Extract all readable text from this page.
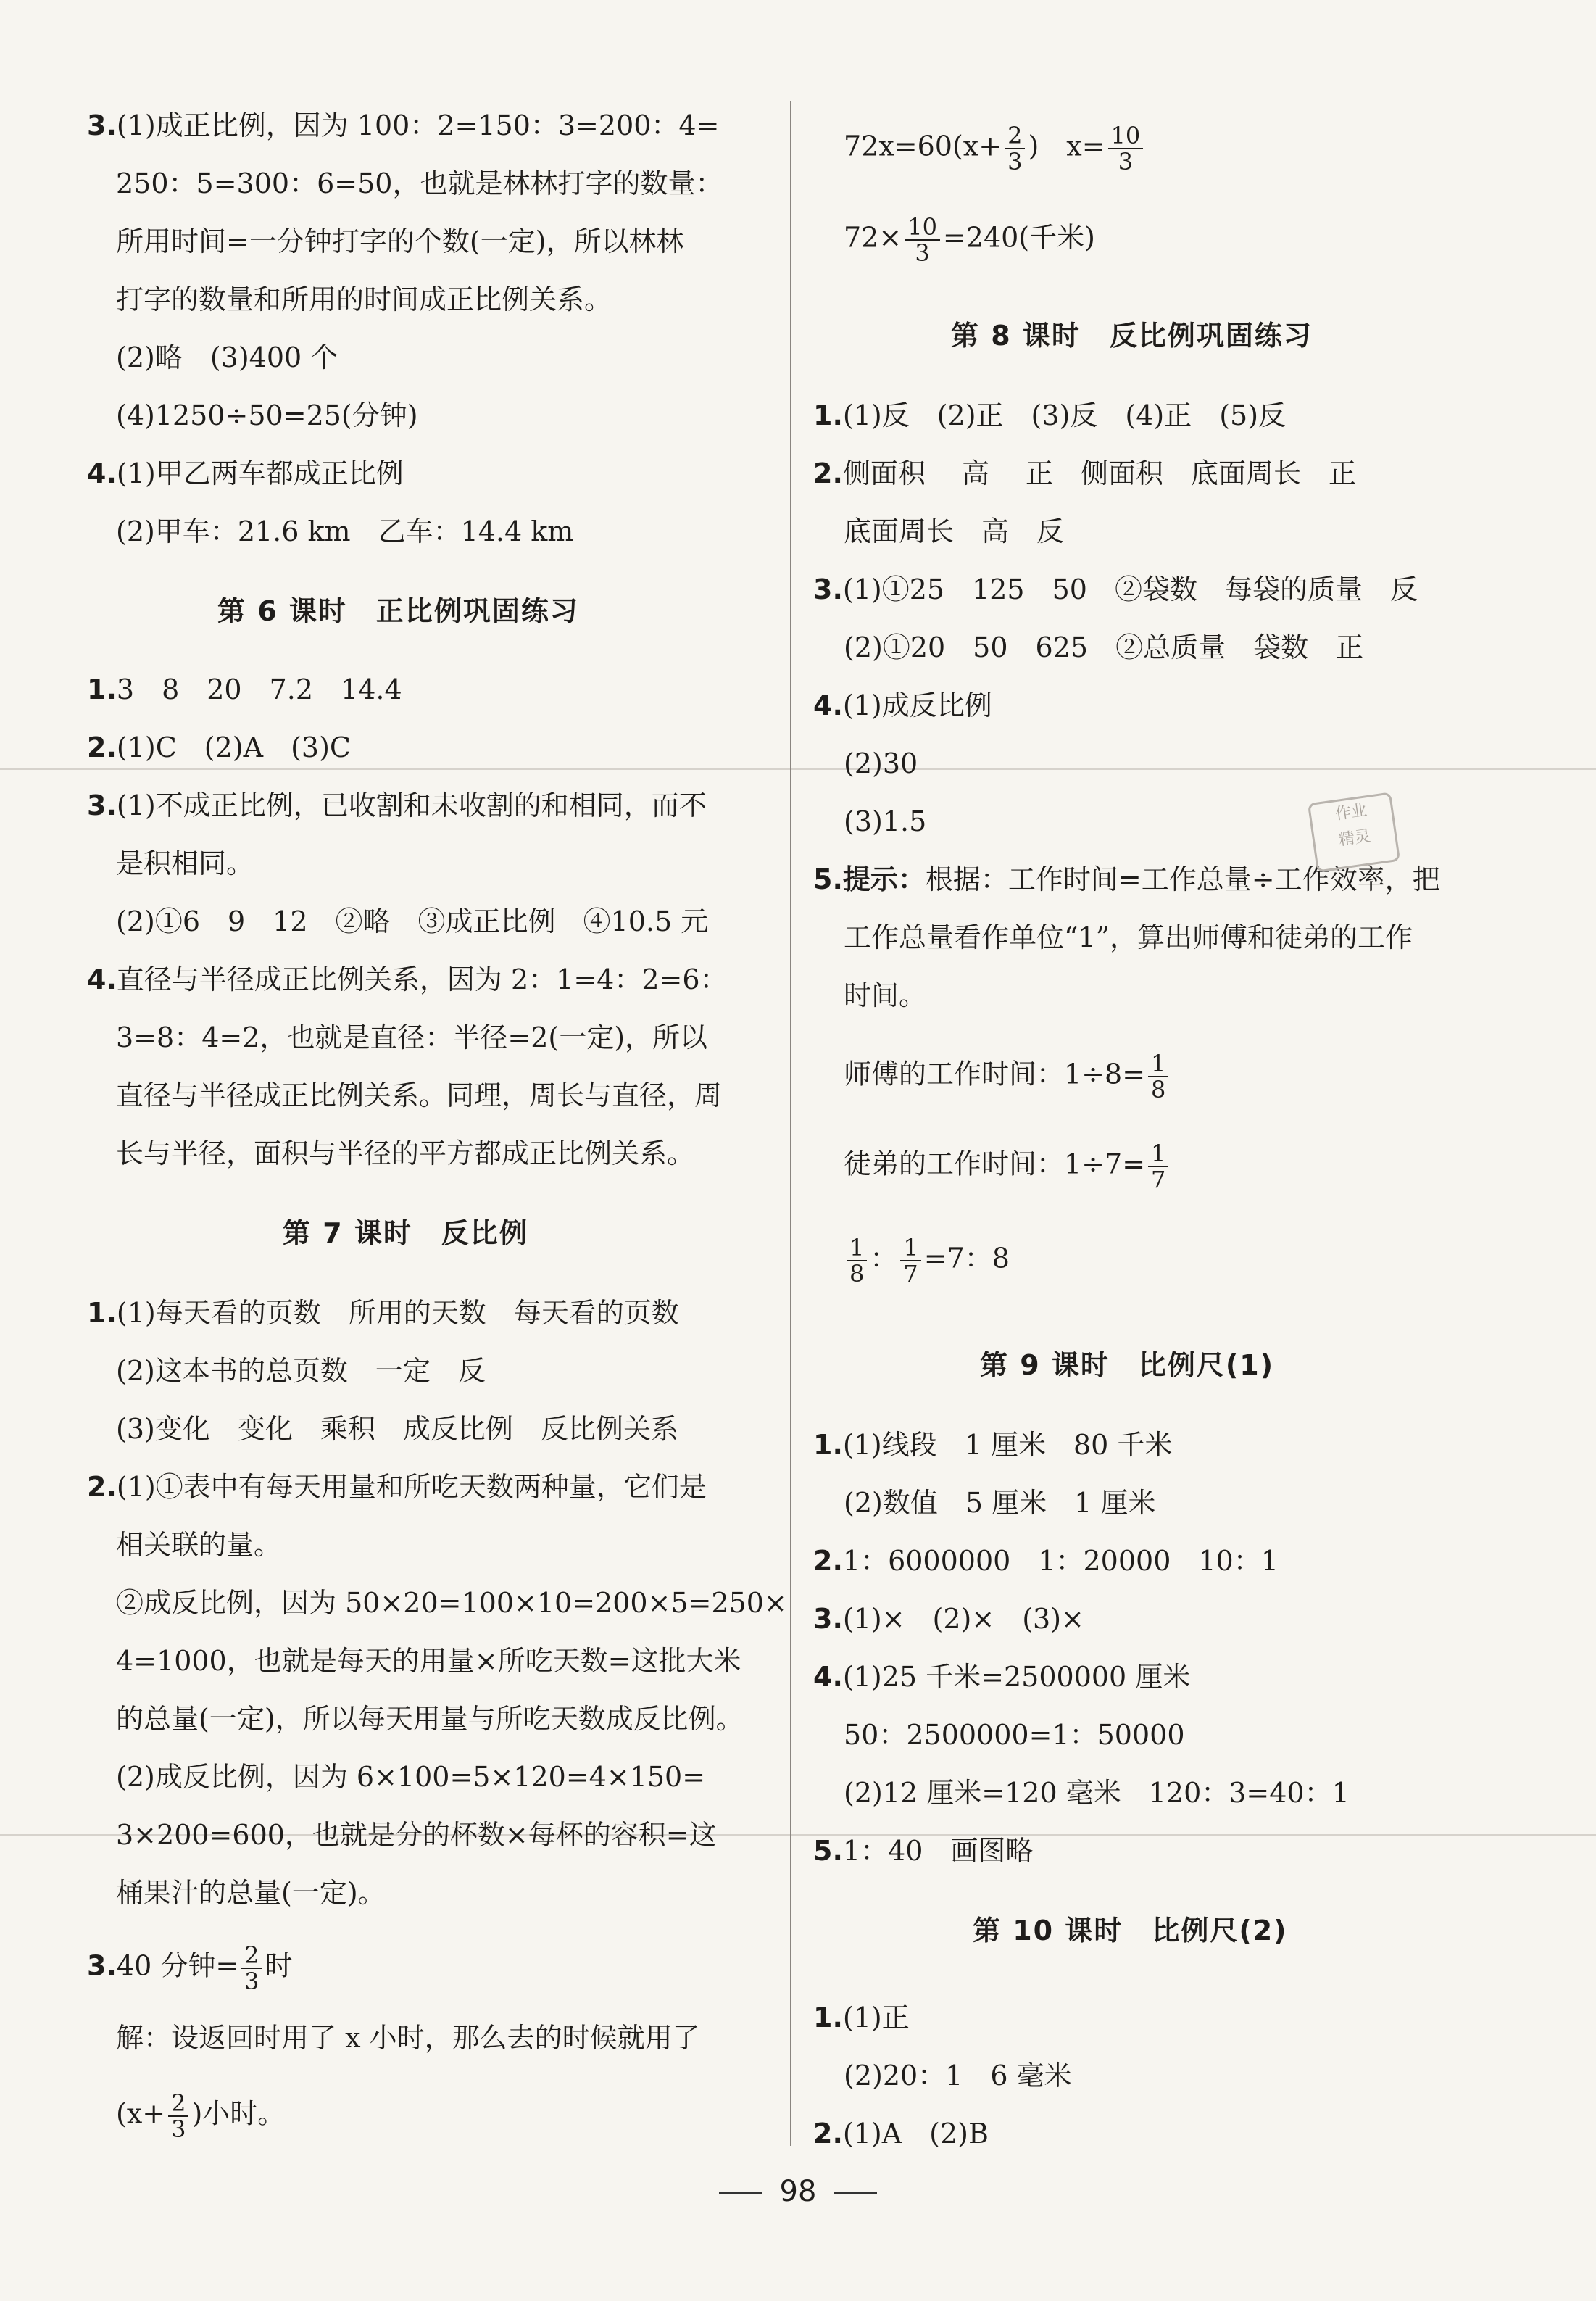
3.(1)成正比例，因为 100：2=150：3=200：4=
250：5=300：6=50，也就是林林打字的数量：
所用时间=一分钟打字的个数(一定)，所以林林
打字的数量和所用的时间成正比例关系。
(2)略　(3)400 个
(4)1250÷50=25(分钟)
4.(1)甲乙两车都成正比例
(2)甲车：21.6 km　乙车：14.4 km
第 6 课时　正比例巩固练习
1.3　8　20　7.2　14.4
2.(1)C　(2)A　(3)C
3.(1)不成正比例，已收割和未收割的和相同，而不
是积相同。
(2)①6　9　12　②略　③成正比例　④10.5 元
4.直径与半径成正比例关系，因为 2：1=4：2=6：
3=8：4=2，也就是直径：半径=2(一定)，所以
直径与半径成正比例关系。同理，周长与直径，周
长与半径，面积与半径的平方都成正比例关系。
第 7 课时　反比例
1.(1)每天看的页数　所用的天数　每天看的页数
(2)这本书的总页数　一定　反
(3)变化　变化　乘积　成反比例　反比例关系
2.(1)①表中有每天用量和所吃天数两种量，它们是
相关联的量。
②成反比例，因为 50×20=100×10=200×5=250×
4=1000，也就是每天的用量×所吃天数=这批大米
的总量(一定)，所以每天用量与所吃天数成反比例。
(2)成反比例，因为 6×100=5×120=4×150=
3×200=600，也就是分的杯数×每杯的容积=这
桶果汁的总量(一定)。
3.40 分钟= $\frac{2}{3}$ 时
解：设返回时用了 x 小时，那么去的时候就用了
($x+ \frac{2}{3}$ )小时。
$72x=60(x+ \frac{2}{3}$ )　$x= \frac{10}{3}$
$72\times \frac{10}{3} =240$(千米)
第 8 课时　反比例巩固练习
1.(1)反　(2)正　(3)反　(4)正　(5)反
2.侧面积　 高 　正　侧面积　底面周长　正
底面周长　高　反
3.(1)①25　125　50　②袋数　每袋的质量　反
(2)①20　50　625　②总质量　袋数　正
4.(1)成反比例
(2)30
(3)1.5
5.提示：根据：工作时间=工作总量÷工作效率，把
工作总量看作单位“1”，算出师傅和徒弟的工作
时间。
师傅的工作时间：$1\div 8= \frac{1}{8}$
徒弟的工作时间：$1\div 7= \frac{1}{7}$
$\frac{1}{8}$ ： $\frac{1}{7} =7$：8
第 9 课时　比例尺(1)
1.(1)线段　1 厘米　80 千米
(2)数值　5 厘米　1 厘米
2.1：6000000　1：20000　10：1
3.(1)×　(2)×　(3)×
4.(1)25 千米=2500000 厘米
50：2500000=1：50000
(2)12 厘米=120 毫米　120：3=40：1
5.1：40　画图略
第 10 课时　比例尺(2)
1.(1)正
(2)20：1　6 毫米
2.(1)A　(2)B
作业
精灵
98
